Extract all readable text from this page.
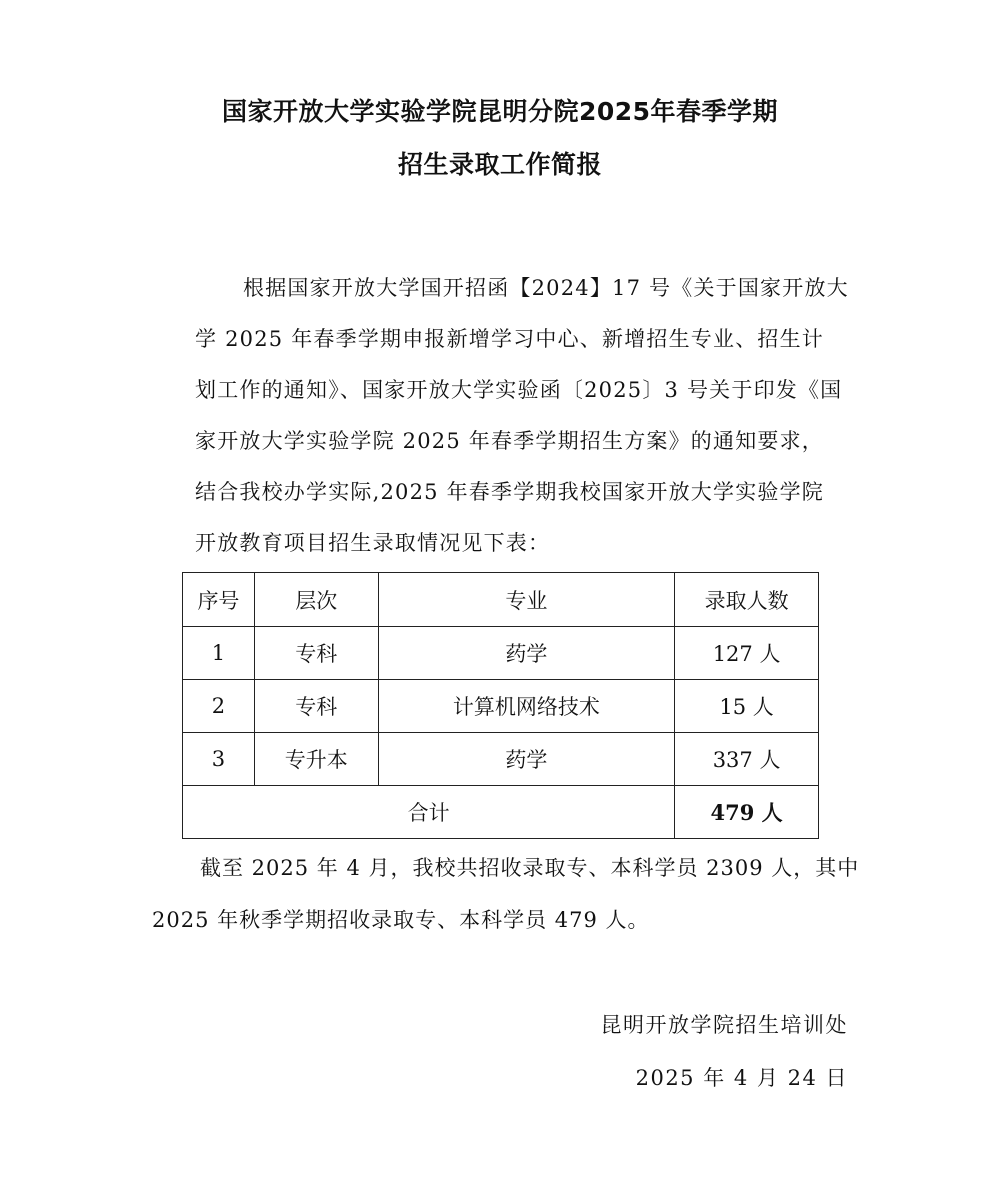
国家开放大学实验学院昆明分院2025年春季学期
招生录取工作简报
根据国家开放大学国开招函【2024】17 号《关于国家开放大
学 2025 年春季学期申报新增学习中心、新增招生专业、招生计
划工作的通知》、国家开放大学实验函〔2025〕3 号关于印发《国
家开放大学实验学院 2025 年春季学期招生方案》的通知要求，
结合我校办学实际,2025 年春季学期我校国家开放大学实验学院
开放教育项目招生录取情况见下表：
序号	层次	专业	录取人数
1	专科	药学	127 人
2	专科	计算机网络技术	15 人
3	专升本	药学	337 人
合计			479 人
截至 2025 年 4 月，我校共招收录取专、本科学员 2309 人，其中
2025 年秋季学期招收录取专、本科学员 479 人。
昆明开放学院招生培训处
2025 年 4 月 24 日
